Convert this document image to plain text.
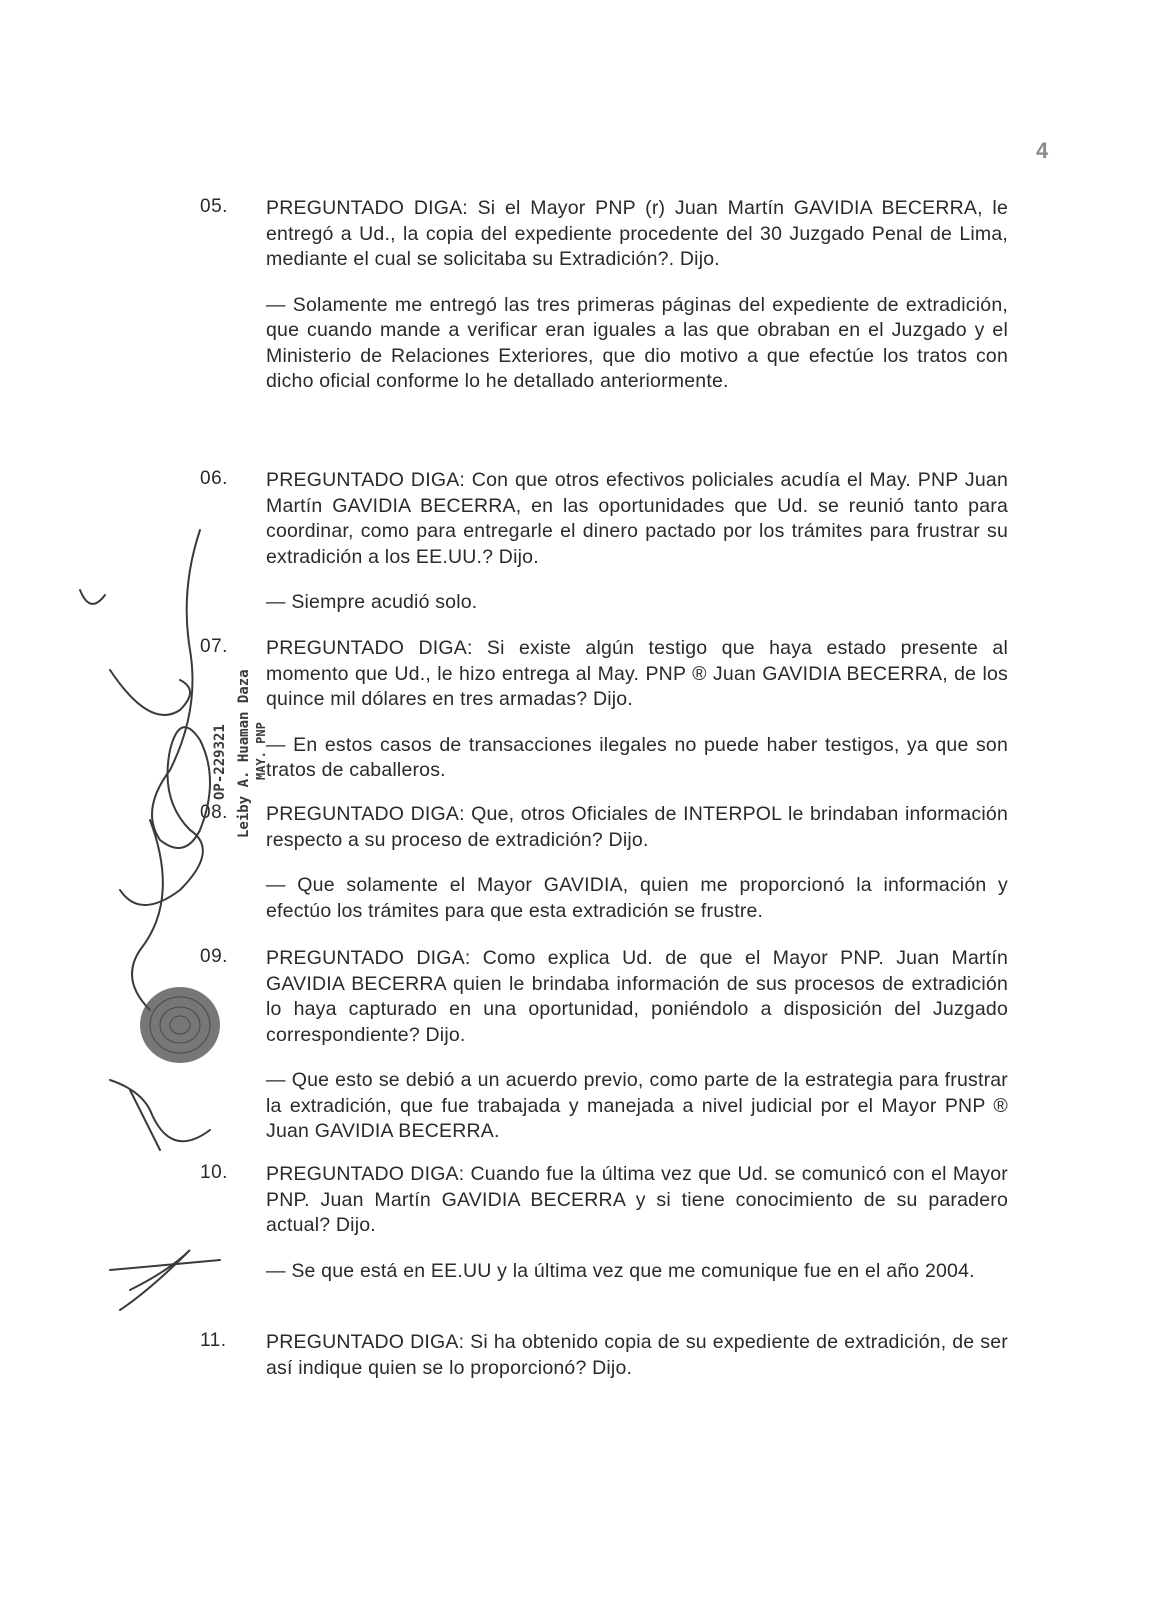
4
05.	PREGUNTADO DIGA: Si el Mayor PNP (r) Juan Martín GAVIDIA BECERRA, le entregó a Ud., la copia del expediente procedente del 30 Juzgado Penal de Lima, mediante el cual se solicitaba su Extradición?. Dijo.
— Solamente me entregó las tres primeras páginas del expediente de extradición, que cuando mande a verificar eran iguales a las que obraban en el Juzgado y el Ministerio de Relaciones Exteriores, que dio motivo a que efectúe los tratos con dicho oficial conforme lo he detallado anteriormente.
06.	PREGUNTADO DIGA: Con que otros efectivos policiales acudía el May. PNP Juan Martín GAVIDIA BECERRA, en las oportunidades que Ud. se reunió tanto para coordinar, como para entregarle el dinero pactado por los trámites para frustrar su extradición a los EE.UU.? Dijo.
— Siempre acudió solo.
07.	PREGUNTADO DIGA: Si existe algún testigo que haya estado presente al momento que Ud., le hizo entrega al May. PNP ® Juan GAVIDIA BECERRA, de los quince mil dólares en tres armadas? Dijo.
— En estos casos de transacciones ilegales no puede haber testigos, ya que son tratos de caballeros.
08.	PREGUNTADO DIGA: Que, otros Oficiales de INTERPOL le brindaban información respecto a su proceso de extradición? Dijo.
— Que solamente el Mayor GAVIDIA, quien me proporcionó la información y efectúo los trámites para que esta extradición se frustre.
09.	PREGUNTADO DIGA: Como explica Ud. de que el Mayor PNP. Juan Martín GAVIDIA BECERRA quien le brindaba información de sus procesos de extradición lo haya capturado en una oportunidad, poniéndolo a disposición del Juzgado correspondiente? Dijo.
— Que esto se debió a un acuerdo previo, como parte de la estrategia para frustrar la extradición, que fue trabajada y manejada a nivel judicial por el Mayor PNP ® Juan GAVIDIA BECERRA.
10.	PREGUNTADO DIGA: Cuando fue la última vez que Ud. se comunicó con el Mayor PNP. Juan Martín GAVIDIA BECERRA y si tiene conocimiento de su paradero actual? Dijo.
— Se que está en EE.UU y la última vez que me comunique fue en el año 2004.
11.	PREGUNTADO DIGA: Si ha obtenido copia de su expediente de extradición, de ser así indique quien se lo proporcionó? Dijo.
OP-229321 Leiby A. Huaman Daza MAY. PNP
